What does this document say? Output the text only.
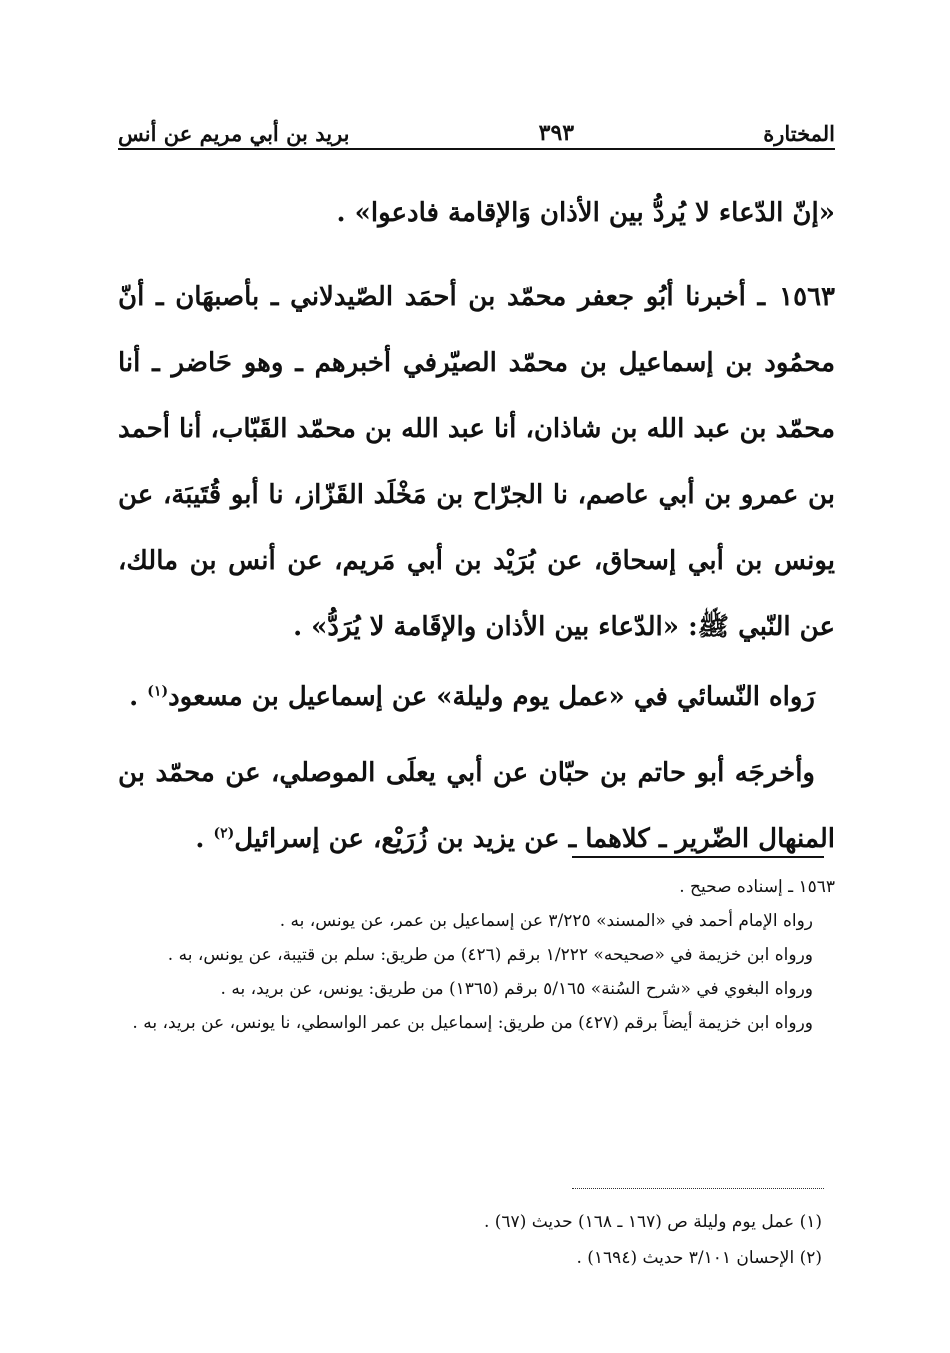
المختارة
٣٩٣
بريد بن أبي مريم عن أنس

«إنّ الدّعاء لا يُردُّ بين الأذان وَالإقامة فادعوا» .

١٥٦٣ـ أخبرنا أبُو جعفر محمّد بن أحمَد الصّيدلاني ـ بأصبهَان ـ أنّ محمُود بن إسماعيل بن محمّد الصيّرفي أخبرهم ـ وهو حَاضر ـ أنا محمّد بن عبد الله بن شاذان، أنا عبد الله بن محمّد القَبّاب، أنا أحمد بن عمرو بن أبي عاصم، نا الجرّاح بن مَخْلَد القَزّاز، نا أبو قُتَيبَة، عن يونس بن أبي إسحاق، عن بُرَيْد بن أبي مَريم، عن أنس بن مالك، عن النّبي ﷺ: «الدّعاء بين الأذان والإقَامة لا يُرَدُّ» .

رَواه النّسائي في «عمل يوم وليلة» عن إسماعيل بن مسعود$^{(١)}$ .

وأخرجَه أبو حاتم بن حبّان عن أبي يعلَى الموصلي، عن محمّد بن المنهال الضّرير ـ كلاهما ـ عن يزيد بن زُرَيْع، عن إسرائيل$^{(٢)}$ .

١٥٦٣ ـ إسناده صحيح .

رواه الإمام أحمد في «المسند» ٣/٢٢٥ عن إسماعيل بن عمر، عن يونس، به .

ورواه ابن خزيمة في «صحيحه» ١/٢٢٢ برقم (٤٢٦) من طريق: سلم بن قتيبة، عن يونس، به .

ورواه البغوي في «شرح السُنة» ٥/١٦٥ برقم (١٣٦٥) من طريق: يونس، عن بريد، به .

ورواه ابن خزيمة أيضاً برقم (٤٢٧) من طريق: إسماعيل بن عمر الواسطي، نا يونس، عن بريد، به .

(١) عمل يوم وليلة ص (١٦٧ ـ ١٦٨) حديث (٦٧) .

(٢) الإحسان ٣/١٠١ حديث (١٦٩٤) .
